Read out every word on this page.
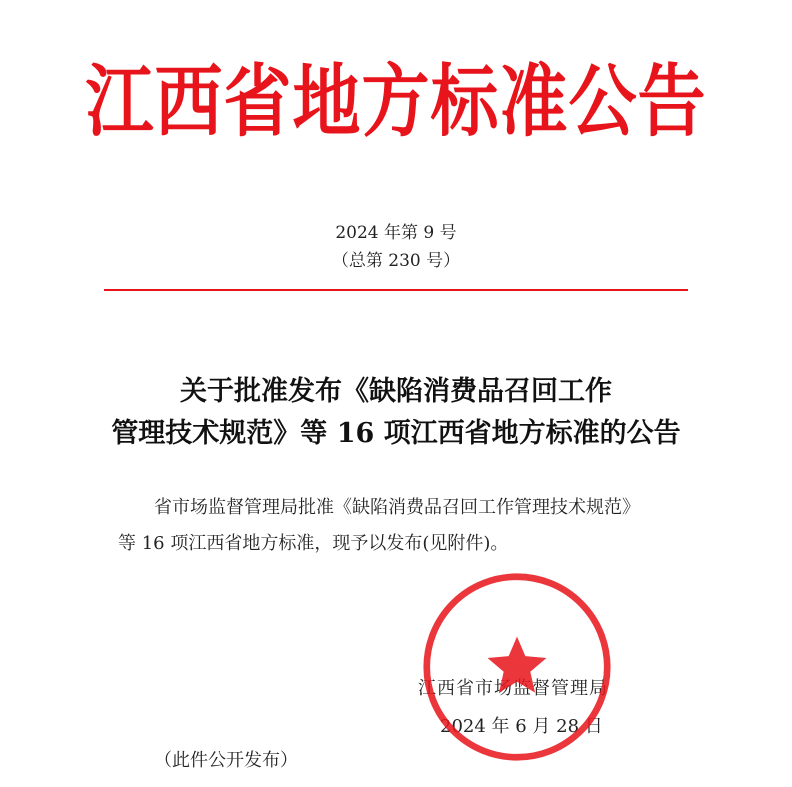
江西省地方标准公告
2024 年第 9 号
（总第 230 号）
关于批准发布《缺陷消费品召回工作
管理技术规范》等 16 项江西省地方标准的公告
省市场监督管理局批准《缺陷消费品召回工作管理技术规范》
等 16 项江西省地方标准，现予以发布(见附件)。
江西省市场监督管理局
2024 年 6 月 28 日
（此件公开发布）
